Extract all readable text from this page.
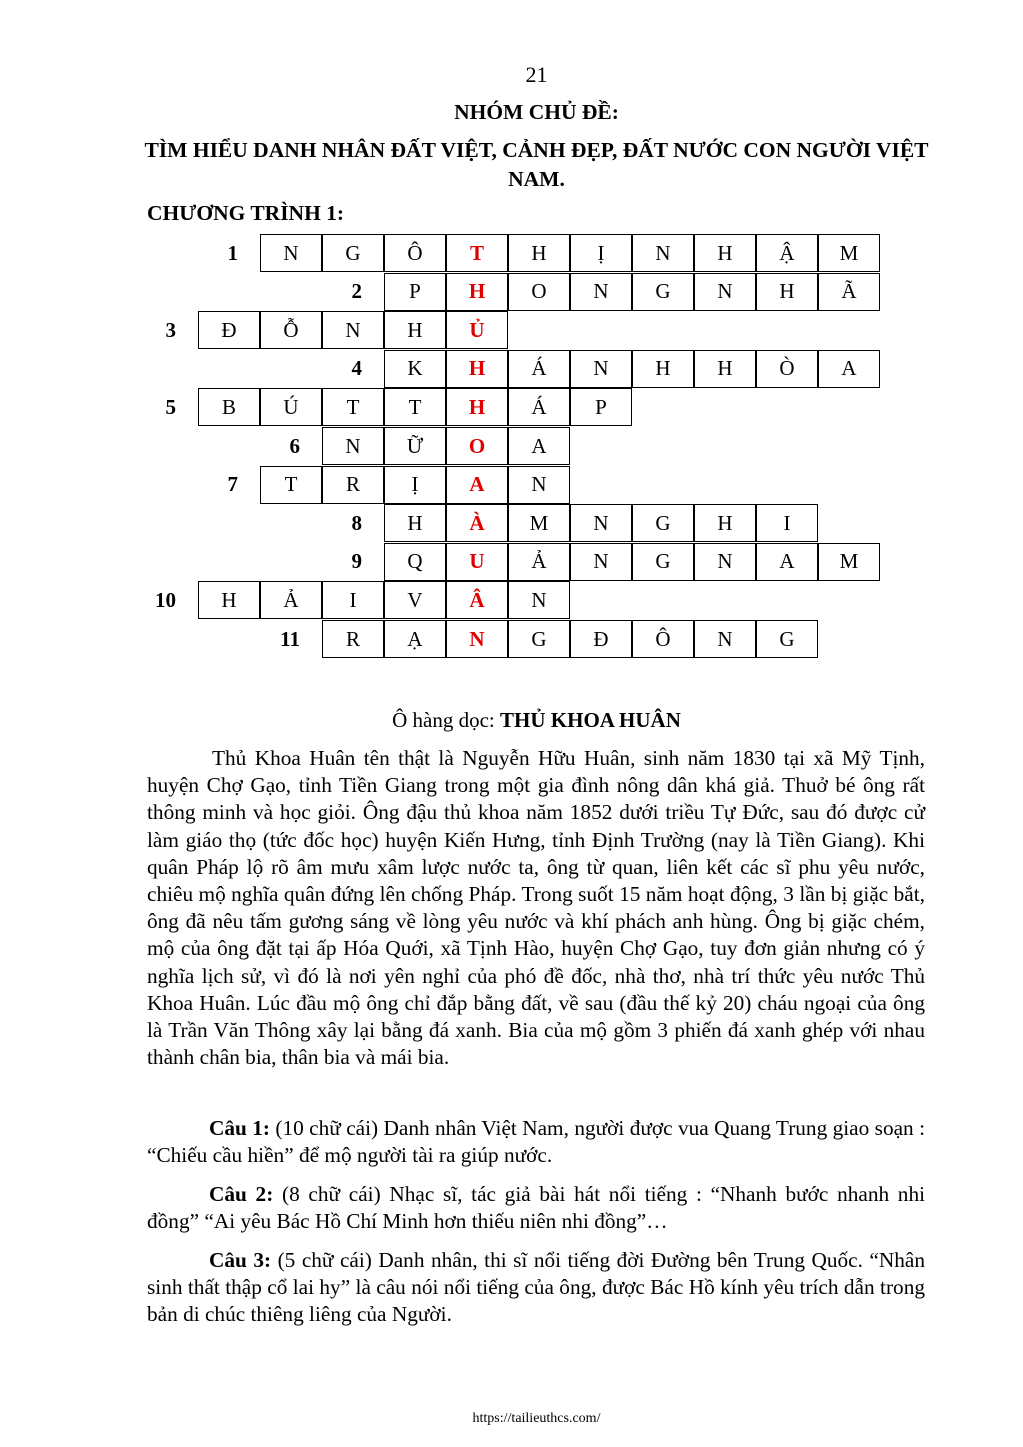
21
NHÓM CHỦ ĐỀ:
TÌM HIỂU DANH NHÂN ĐẤT VIỆT, CẢNH ĐẸP, ĐẤT NƯỚC CON NGƯỜI VIỆT NAM.
CHƯƠNG TRÌNH 1:
1	N	G	Ô	T	H	Ị	N	H	Ậ	M
2	P	H	O	N	G	N	H	Ã
3	Đ	Ỗ	N	H	Ủ
4	K	H	Á	N	H	H	Ò	A
5	B	Ú	T	T	H	Á	P
6	N	Ữ	O	A
7	T	R	Ị	A	N
8	H	À	M	N	G	H	I
9	Q	U	Ả	N	G	N	A	M
10	H	Ả	I	V	Â	N
11	R	Ạ	N	G	Đ	Ô	N	G
Ô hàng dọc: THỦ KHOA HUÂN
Thủ Khoa Huân tên thật là Nguyễn Hữu Huân, sinh năm 1830 tại xã Mỹ Tịnh, huyện Chợ Gạo, tỉnh Tiền Giang trong một gia đình nông dân khá giả. Thuở bé ông rất thông minh và học giỏi. Ông đậu thủ khoa năm 1852 dưới triều Tự Đức, sau đó được cử làm giáo thọ (tức đốc học) huyện Kiến Hưng, tỉnh Định Trường (nay là Tiền Giang). Khi quân Pháp lộ rõ âm mưu xâm lược nước ta, ông từ quan, liên kết các sĩ phu yêu nước, chiêu mộ nghĩa quân đứng lên chống Pháp. Trong suốt 15 năm hoạt động, 3 lần bị giặc bắt, ông đã nêu tấm gương sáng về lòng yêu nước và khí phách anh hùng. Ông bị giặc chém, mộ của ông đặt tại ấp Hóa Quới, xã Tịnh Hào, huyện Chợ Gạo, tuy đơn giản nhưng có ý nghĩa lịch sử, vì đó là nơi yên nghỉ của phó đề đốc, nhà thơ, nhà trí thức yêu nước Thủ Khoa Huân. Lúc đầu mộ ông chỉ đắp bằng đất, về sau (đầu thế kỷ 20) cháu ngoại của ông là Trần Văn Thông xây lại bằng đá xanh. Bia của mộ gồm 3 phiến đá xanh ghép với nhau thành chân bia, thân bia và mái bia.
Câu 1: (10 chữ cái) Danh nhân Việt Nam, người được vua Quang Trung giao soạn : “Chiếu cầu hiền” để mộ người tài ra giúp nước.
Câu 2: (8 chữ cái) Nhạc sĩ, tác giả bài hát nổi tiếng : “Nhanh bước nhanh nhi đồng” “Ai yêu Bác Hồ Chí Minh hơn thiếu niên nhi đồng”…
Câu 3: (5 chữ cái) Danh nhân, thi sĩ nổi tiếng đời Đường bên Trung Quốc. “Nhân sinh thất thập cổ lai hy” là câu nói nổi tiếng của ông, được Bác Hồ kính yêu trích dẫn trong bản di chúc thiêng liêng của Người.
https://tailieuthcs.com/
